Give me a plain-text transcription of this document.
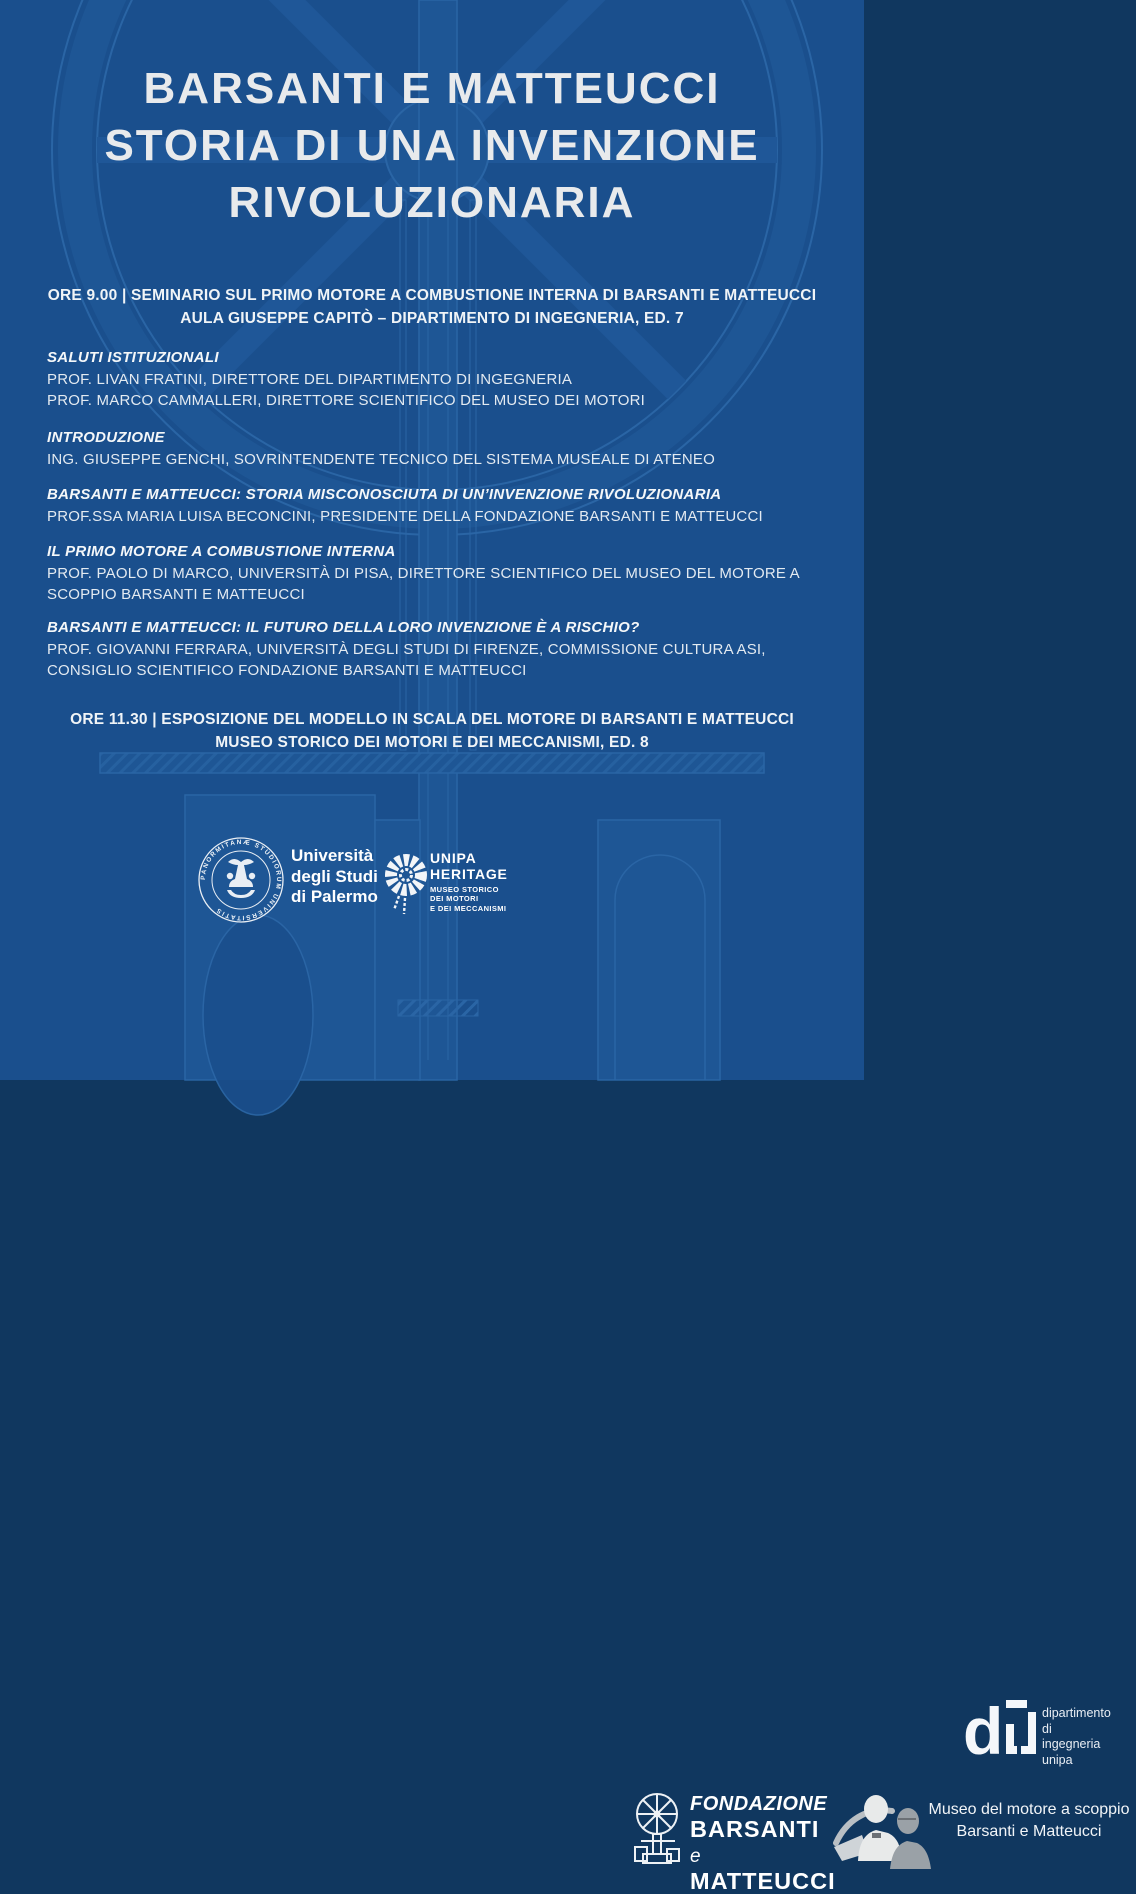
BARSANTI E MATTEUCCI
STORIA DI UNA INVENZIONE
RIVOLUZIONARIA
ORE 9.00 | SEMINARIO SUL PRIMO MOTORE A COMBUSTIONE INTERNA DI BARSANTI E MATTEUCCI
AULA GIUSEPPE CAPITÒ – DIPARTIMENTO DI INGEGNERIA, ED. 7
SALUTI ISTITUZIONALI
PROF. LIVAN FRATINI, DIRETTORE DEL DIPARTIMENTO DI INGEGNERIA
PROF. MARCO CAMMALLERI, DIRETTORE SCIENTIFICO DEL MUSEO DEI MOTORI
INTRODUZIONE
ING. GIUSEPPE GENCHI, SOVRINTENDENTE TECNICO DEL SISTEMA MUSEALE DI ATENEO
BARSANTI E MATTEUCCI: STORIA MISCONOSCIUTA DI UN’INVENZIONE RIVOLUZIONARIA
PROF.SSA MARIA LUISA BECONCINI, PRESIDENTE DELLA FONDAZIONE BARSANTI E MATTEUCCI
IL PRIMO MOTORE A COMBUSTIONE INTERNA
PROF. PAOLO DI MARCO, UNIVERSITÀ DI PISA, DIRETTORE SCIENTIFICO DEL MUSEO DEL MOTORE A
SCOPPIO BARSANTI E MATTEUCCI
BARSANTI E MATTEUCCI: IL FUTURO DELLA LORO INVENZIONE È A RISCHIO?
PROF. GIOVANNI FERRARA, UNIVERSITÀ DEGLI STUDI DI FIRENZE, COMMISSIONE CULTURA ASI,
CONSIGLIO SCIENTIFICO FONDAZIONE BARSANTI E MATTEUCCI
ORE 11.30 | ESPOSIZIONE DEL MODELLO IN SCALA DEL MOTORE DI BARSANTI E MATTEUCCI
MUSEO STORICO DEI MOTORI E DEI MECCANISMI, ED. 8
PANORMITANÆ STUDIORUM UNIVERSITATIS
Università
degli Studi
di Palermo
UNIPA
HERITAGE
MUSEO STORICO
DEI MOTORI
E DEI MECCANISMI
d	dipartimento
di ingegneria
unipa
FONDAZIONE
BARSANTI e
MATTEUCCI
Museo del motore a scoppio
Barsanti e Matteucci
